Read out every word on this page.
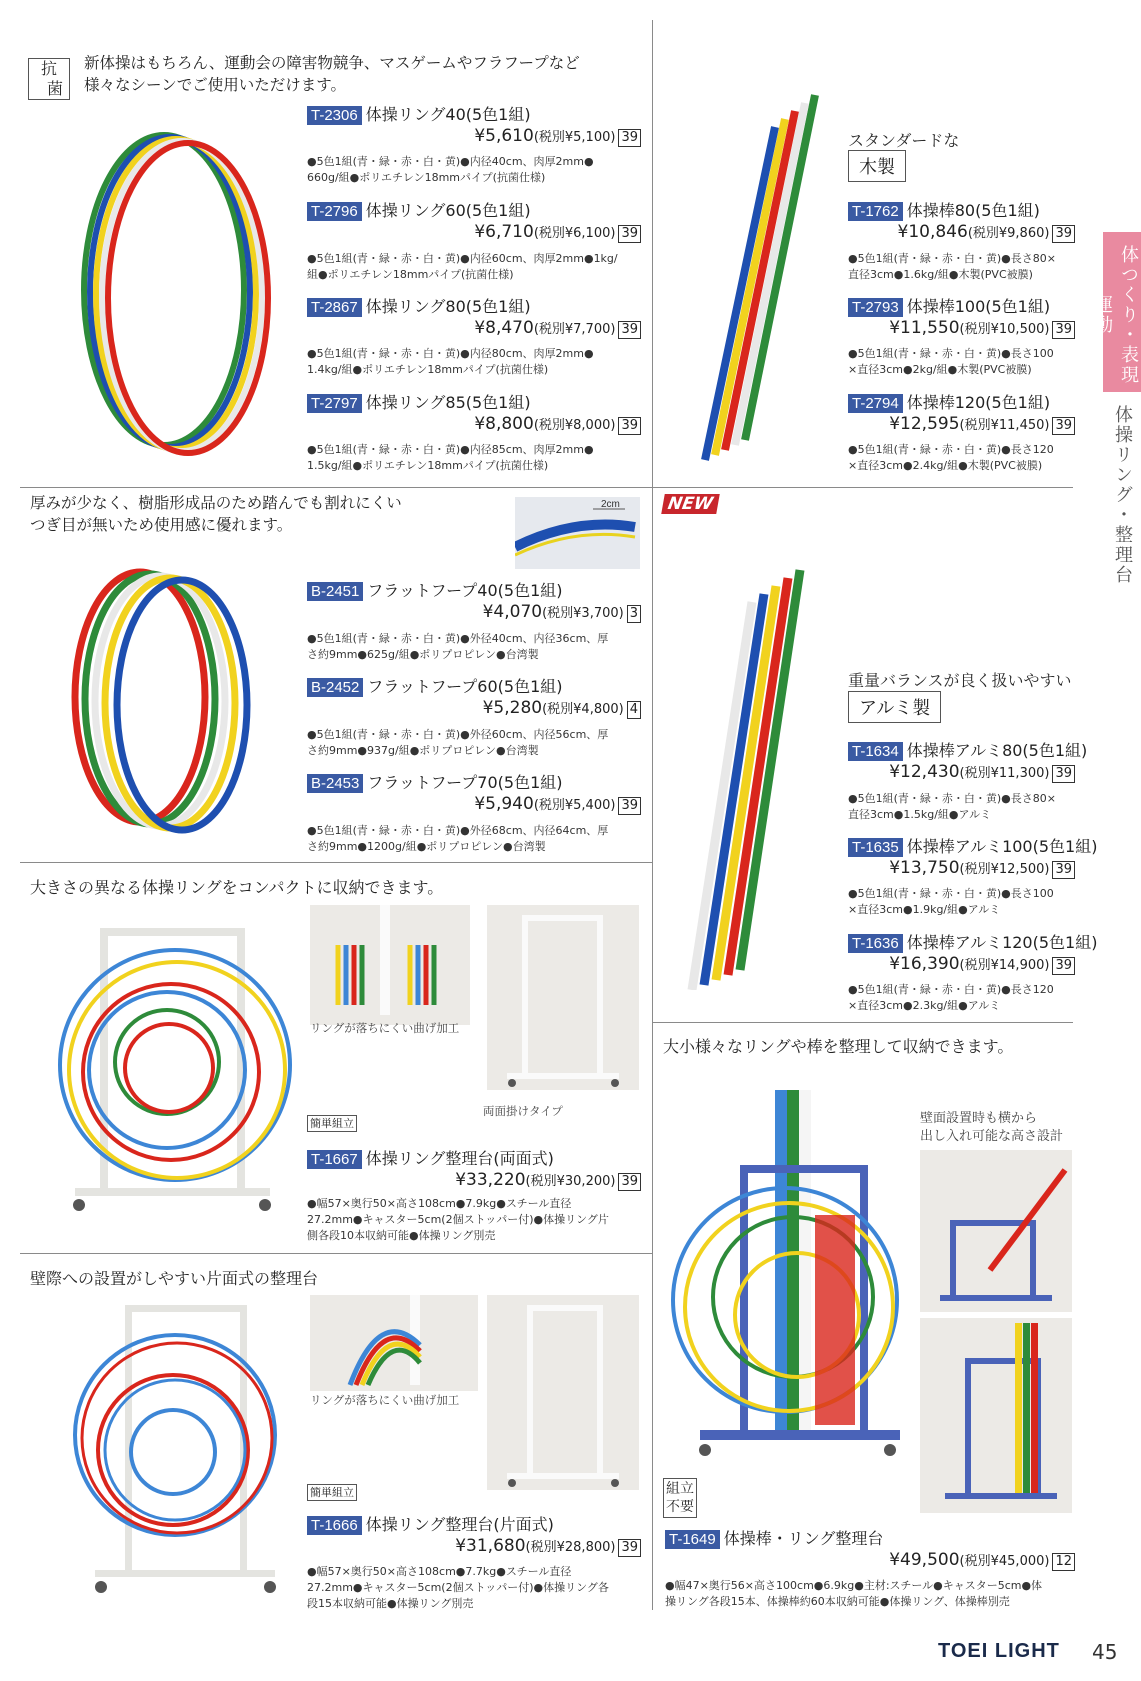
抗
菌
新体操はもちろん、運動会の障害物競争、マスゲームやフラフープなど
様々なシーンでご使用いただけます。
T-2306 体操リング40(5色1組)
¥5,610(税別¥5,100) 39
●5色1組(青・緑・赤・白・黄)●内径40cm、肉厚2mm●
660g/組●ポリエチレン18mmパイプ(抗菌仕様)
T-2796 体操リング60(5色1組)
¥6,710(税別¥6,100) 39
●5色1組(青・緑・赤・白・黄)●内径60cm、肉厚2mm●1kg/
組●ポリエチレン18mmパイプ(抗菌仕様)
T-2867 体操リング80(5色1組)
¥8,470(税別¥7,700) 39
●5色1組(青・緑・赤・白・黄)●内径80cm、肉厚2mm●
1.4kg/組●ポリエチレン18mmパイプ(抗菌仕様)
T-2797 体操リング85(5色1組)
¥8,800(税別¥8,000) 39
●5色1組(青・緑・赤・白・黄)●内径85cm、肉厚2mm●
1.5kg/組●ポリエチレン18mmパイプ(抗菌仕様)
厚みが少なく、樹脂形成品のため踏んでも割れにくい
つぎ目が無いため使用感に優れます。
2cm
B-2451 フラットフープ40(5色1組)
¥4,070(税別¥3,700) 3
●5色1組(青・緑・赤・白・黄)●外径40cm、内径36cm、厚
さ約9mm●625g/組●ポリプロピレン●台湾製
B-2452 フラットフープ60(5色1組)
¥5,280(税別¥4,800) 4
●5色1組(青・緑・赤・白・黄)●外径60cm、内径56cm、厚
さ約9mm●937g/組●ポリプロピレン●台湾製
B-2453 フラットフープ70(5色1組)
¥5,940(税別¥5,400) 39
●5色1組(青・緑・赤・白・黄)●外径68cm、内径64cm、厚
さ約9mm●1200g/組●ポリプロピレン●台湾製
大きさの異なる体操リングをコンパクトに収納できます。
リングが落ちにくい曲げ加工
両面掛けタイプ
簡単組立
T-1667 体操リング整理台(両面式)
¥33,220(税別¥30,200) 39
●幅57×奥行50×高さ108cm●7.9kg●スチール直径
27.2mm●キャスター5cm(2個ストッパー付)●体操リング片
側各段10本収納可能●体操リング別売
壁際への設置がしやすい片面式の整理台
リングが落ちにくい曲げ加工
簡単組立
T-1666 体操リング整理台(片面式)
¥31,680(税別¥28,800) 39
●幅57×奥行50×高さ108cm●7.7kg●スチール直径
27.2mm●キャスター5cm(2個ストッパー付)●体操リング各
段15本収納可能●体操リング別売
スタンダードな
木製
T-1762 体操棒80(5色1組)
¥10,846(税別¥9,860) 39
●5色1組(青・緑・赤・白・黄)●長さ80×
直径3cm●1.6kg/組●木製(PVC被膜)
T-2793 体操棒100(5色1組)
¥11,550(税別¥10,500) 39
●5色1組(青・緑・赤・白・黄)●長さ100
×直径3cm●2kg/組●木製(PVC被膜)
T-2794 体操棒120(5色1組)
¥12,595(税別¥11,450) 39
●5色1組(青・緑・赤・白・黄)●長さ120
×直径3cm●2.4kg/組●木製(PVC被膜)
NEW
重量バランスが良く扱いやすい
アルミ製
T-1634 体操棒アルミ80(5色1組)
¥12,430(税別¥11,300) 39
●5色1組(青・緑・赤・白・黄)●長さ80×
直径3cm●1.5kg/組●アルミ
T-1635 体操棒アルミ100(5色1組)
¥13,750(税別¥12,500) 39
●5色1組(青・緑・赤・白・黄)●長さ100
×直径3cm●1.9kg/組●アルミ
T-1636 体操棒アルミ120(5色1組)
¥16,390(税別¥14,900) 39
●5色1組(青・緑・赤・白・黄)●長さ120
×直径3cm●2.3kg/組●アルミ
大小様々なリングや棒を整理して収納できます。
壁面設置時も横から
出し入れ可能な高さ設計
組立
不要
T-1649 体操棒・リング整理台
¥49,500(税別¥45,000) 12
●幅47×奥行56×高さ100cm●6.9kg●主材:スチール●キャスター5cm●体
操リング各段15本、体操棒約60本収納可能●体操リング、体操棒別売
体つくり・表現運動
体操リング・整理台
TOEI LIGHT 45
